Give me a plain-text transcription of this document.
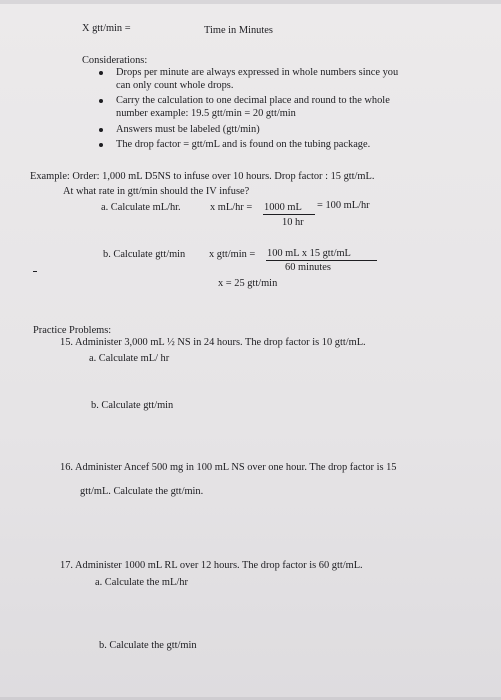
X gtt/min =	Time in Minutes
Considerations:
Drops per minute are always expressed in whole numbers since you
can only count whole drops.
Carry the calculation to one decimal place and round to the whole
number example: 19.5 gtt/min = 20 gtt/min
Answers must be labeled (gtt/min)
The drop factor = gtt/mL and is found on the tubing package.
Example: Order: 1,000 mL D5NS to infuse over 10 hours. Drop factor : 15 gtt/mL.
At what rate in gtt/min should the IV infuse?
a. Calculate mL/hr.	x mL/hr = 1000 mL = 100 mL/hr
10 hr
b. Calculate gtt/min x gtt/min = 100 mL x 15 gtt/mL
60 minutes
x = 25 gtt/min
Practice Problems:
15. Administer 3,000 mL ½ NS in 24 hours. The drop factor is 10 gtt/mL.
a. Calculate mL/ hr
b. Calculate gtt/min
16. Administer Ancef 500 mg in 100 mL NS over one hour. The drop factor is 15
gtt/mL. Calculate the gtt/min.
17. Administer 1000 mL RL over 12 hours. The drop factor is 60 gtt/mL.
a. Calculate the mL/hr
b. Calculate the gtt/min
